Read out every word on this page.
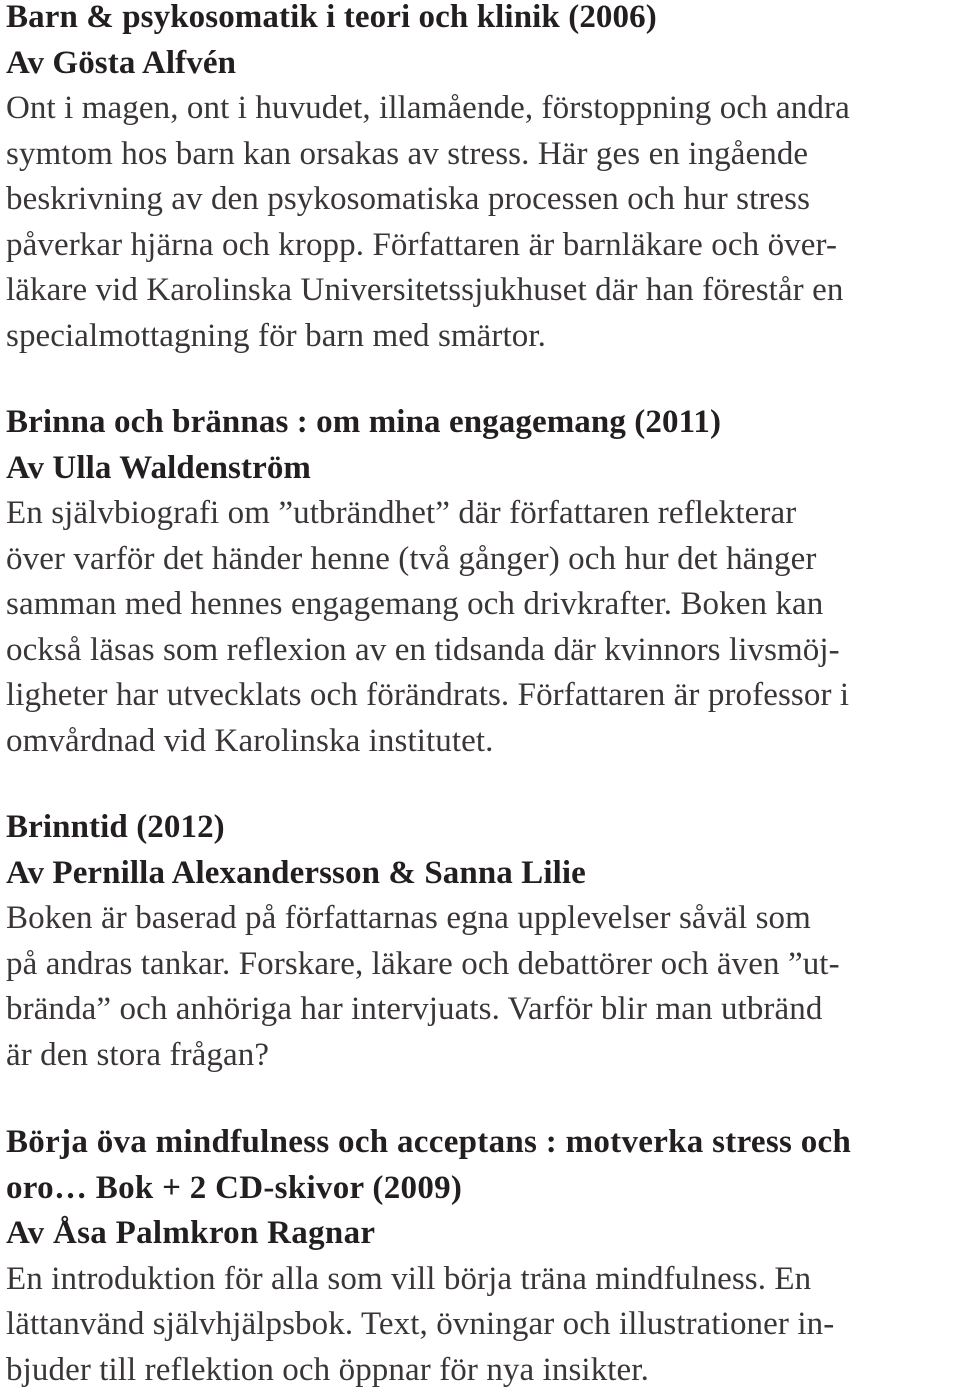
Barn & psykosomatik i teori och klinik (2006)
Av Gösta Alfvén
Ont i magen, ont i huvudet, illamående, förstoppning och andra
symtom hos barn kan orsakas av stress. Här ges en ingående
beskrivning av den psykosomatiska processen och hur stress
påverkar hjärna och kropp. Författaren är barnläkare och över-
läkare vid Karolinska Universitetssjukhuset där han förestår en
specialmottagning för barn med smärtor.
Brinna och brännas : om mina engagemang (2011)
Av Ulla Waldenström
En självbiografi om ”utbrändhet” där författaren reflekterar
över varför det händer henne (två gånger) och hur det hänger
samman med hennes engagemang och drivkrafter. Boken kan
också läsas som reflexion av en tidsanda där kvinnors livsmöj-
ligheter har utvecklats och förändrats. Författaren är professor i
omvårdnad vid Karolinska institutet.
Brinntid (2012)
Av Pernilla Alexandersson & Sanna Lilie
Boken är baserad på författarnas egna upplevelser såväl som
på andras tankar. Forskare, läkare och debattörer och även ”ut-
brända” och anhöriga har intervjuats. Varför blir man utbränd
är den stora frågan?
Börja öva mindfulness och acceptans : motverka stress och
oro… Bok + 2 CD-skivor (2009)
Av Åsa Palmkron Ragnar
En introduktion för alla som vill börja träna mindfulness. En
lättanvänd självhjälpsbok. Text, övningar och illustrationer in-
bjuder till reflektion och öppnar för nya insikter.
